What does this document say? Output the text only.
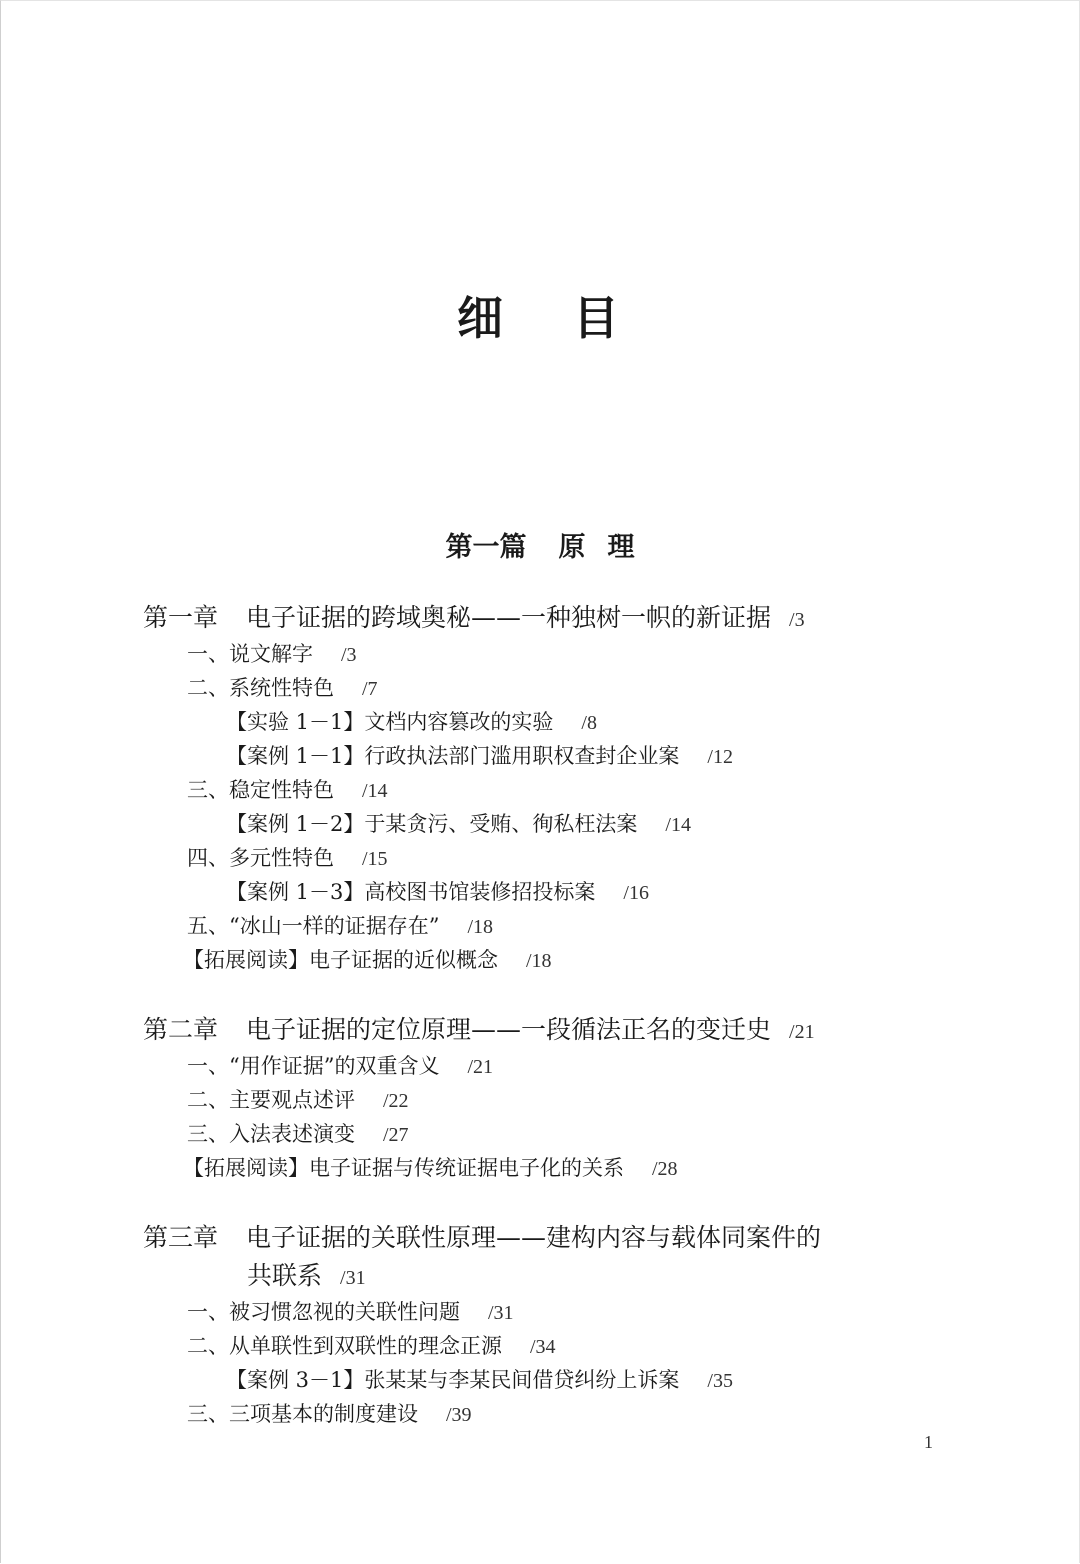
细 目
第一篇 原 理
第一章 电子证据的跨域奥秘——一种独树一帜的新证据 /3
一、说文解字 /3
二、系统性特色 /7
【实验 1－1】文档内容篡改的实验 /8
【案例 1－1】行政执法部门滥用职权查封企业案 /12
三、稳定性特色 /14
【案例 1－2】于某贪污、受贿、徇私枉法案 /14
四、多元性特色 /15
【案例 1－3】高校图书馆装修招投标案 /16
五、“冰山一样的证据存在” /18
【拓展阅读】电子证据的近似概念 /18
第二章 电子证据的定位原理——一段循法正名的变迁史 /21
一、“用作证据”的双重含义 /21
二、主要观点述评 /22
三、入法表述演变 /27
【拓展阅读】电子证据与传统证据电子化的关系 /28
第三章 电子证据的关联性原理——建构内容与载体同案件的
共联系 /31
一、被习惯忽视的关联性问题 /31
二、从单联性到双联性的理念正源 /34
【案例 3－1】张某某与李某民间借贷纠纷上诉案 /35
三、三项基本的制度建设 /39
1
